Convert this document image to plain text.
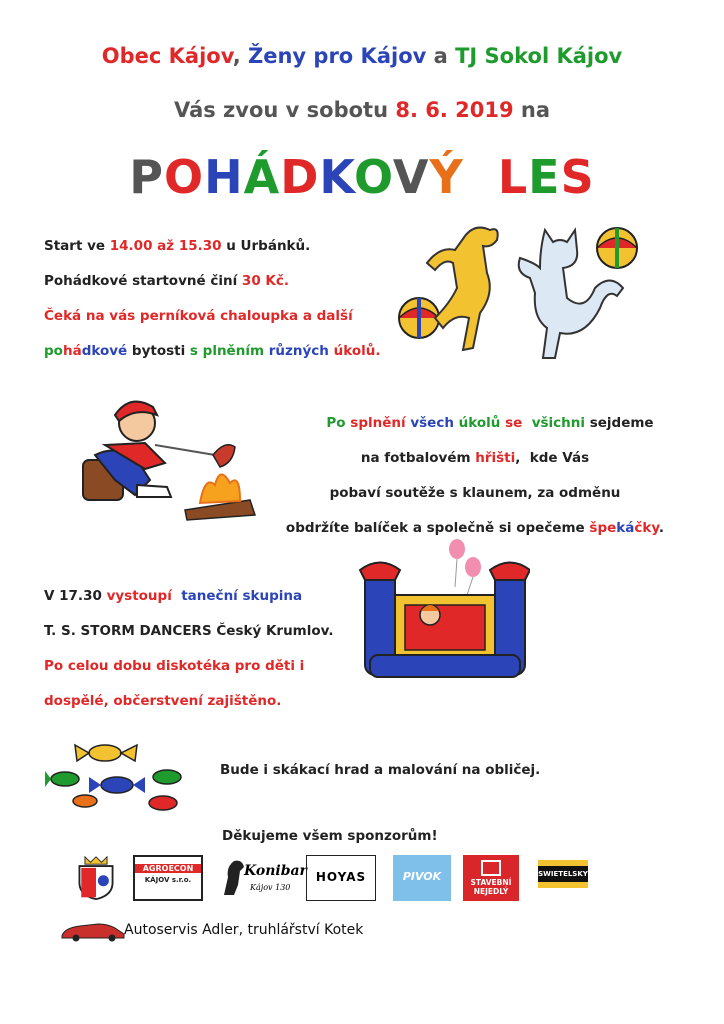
Obec Kájov, Ženy pro Kájov a TJ Sokol Kájov
Vás zvou v sobotu 8. 6. 2019 na
POHÁDKOVÝ LES
Start ve 14.00 až 15.30 u Urbánků.
Pohádkové startovné činí 30 Kč.
Čeká na vás perníková chaloupka a další
pohádkové bytosti s plněním různých úkolů.
Po splnění všech úkolů se  všichni sejdeme
na fotbalovém hřišti,  kde Vás
pobaví soutěže s klaunem, za odměnu
obdržíte balíček a společně si opečeme špekáčky.
V 17.30 vystoupí  taneční skupina
T. S. STORM DANCERS Český Krumlov.
Po celou dobu diskotéka pro děti i
dospělé, občerstvení zajištěno.
Bude i skákací hrad a malování na obličej.
Děkujeme všem sponzorům!
AGROECON
KÁJOV s.r.o.
Konibar
Kájov 130
HOYAS	PIVOK	STAVEBNÍ
NEJEDLÝ
SWIETELSKY
Autoservis Adler, truhlářství Kotek
